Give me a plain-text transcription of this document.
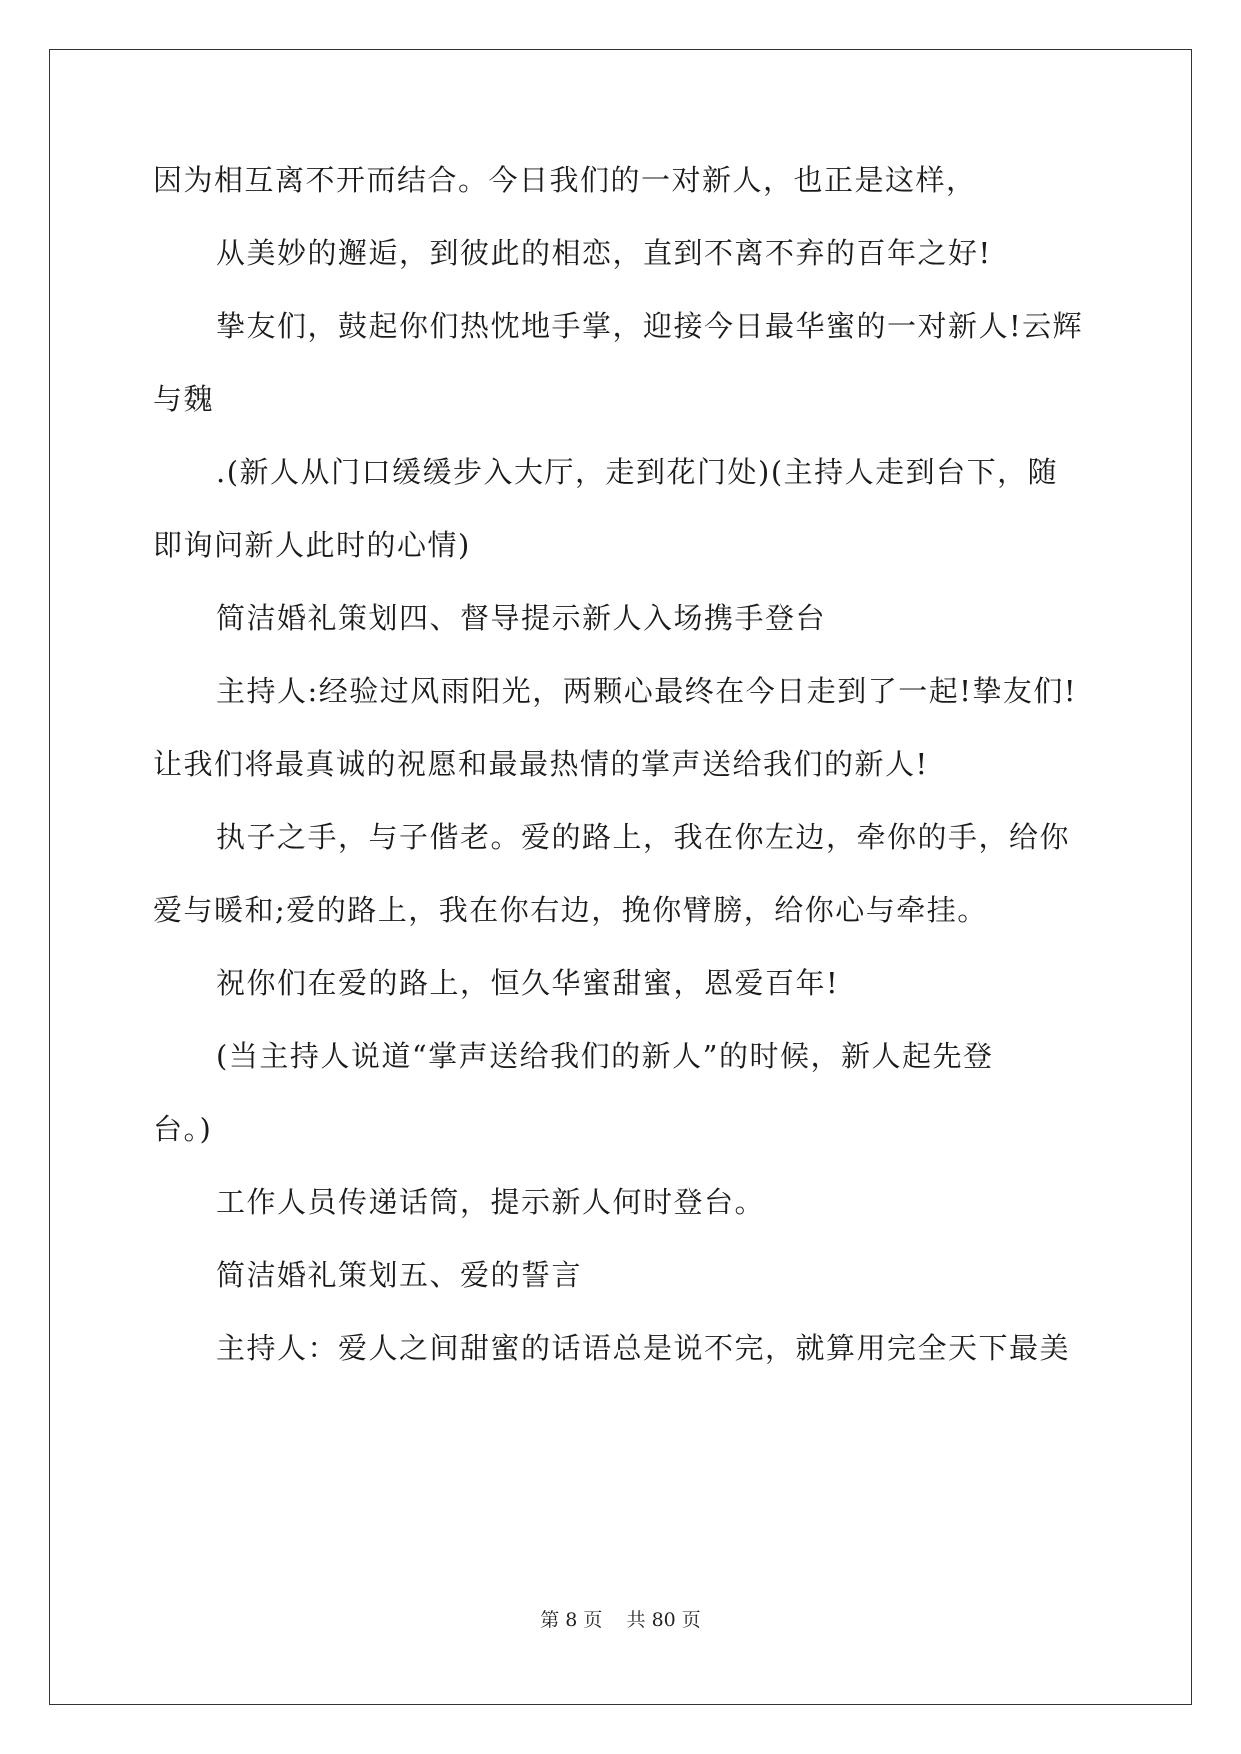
因为相互离不开而结合。今日我们的一对新人，也正是这样，
从美妙的邂逅，到彼此的相恋，直到不离不弃的百年之好!
挚友们，鼓起你们热忱地手掌，迎接今日最华蜜的一对新人!云辉
与魏
.(新人从门口缓缓步入大厅，走到花门处)(主持人走到台下，随
即询问新人此时的心情)
简洁婚礼策划四、督导提示新人入场携手登台
主持人:经验过风雨阳光，两颗心最终在今日走到了一起!挚友们!
让我们将最真诚的祝愿和最最热情的掌声送给我们的新人!
执子之手，与子偕老。爱的路上，我在你左边，牵你的手，给你
爱与暖和;爱的路上，我在你右边，挽你臂膀，给你心与牵挂。
祝你们在爱的路上，恒久华蜜甜蜜，恩爱百年!
(当主持人说道“掌声送给我们的新人”的时候，新人起先登
台。)
工作人员传递话筒，提示新人何时登台。
简洁婚礼策划五、爱的誓言
主持人：爱人之间甜蜜的话语总是说不完，就算用完全天下最美
第 8 页    共 80 页
